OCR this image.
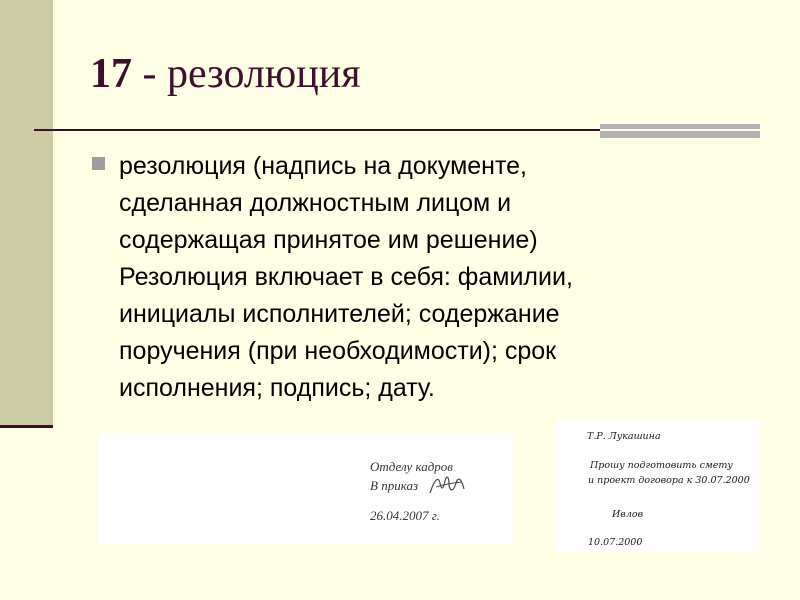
17 - резолюция

резолюция (надпись на документе,
сделанная должностным лицом и
содержащая принятое им решение)
Резолюция включает в себя: фамилии,
инициалы исполнителей; содержание
поручения (при необходимости); срок
исполнения; подпись; дату.

Отделу кадров
В приказ
26.04.2007 г.
Т.Р. Лукашина
Прошу подготовить смету
и проект договора к 30.07.2000
Ивлов
10.07.2000
